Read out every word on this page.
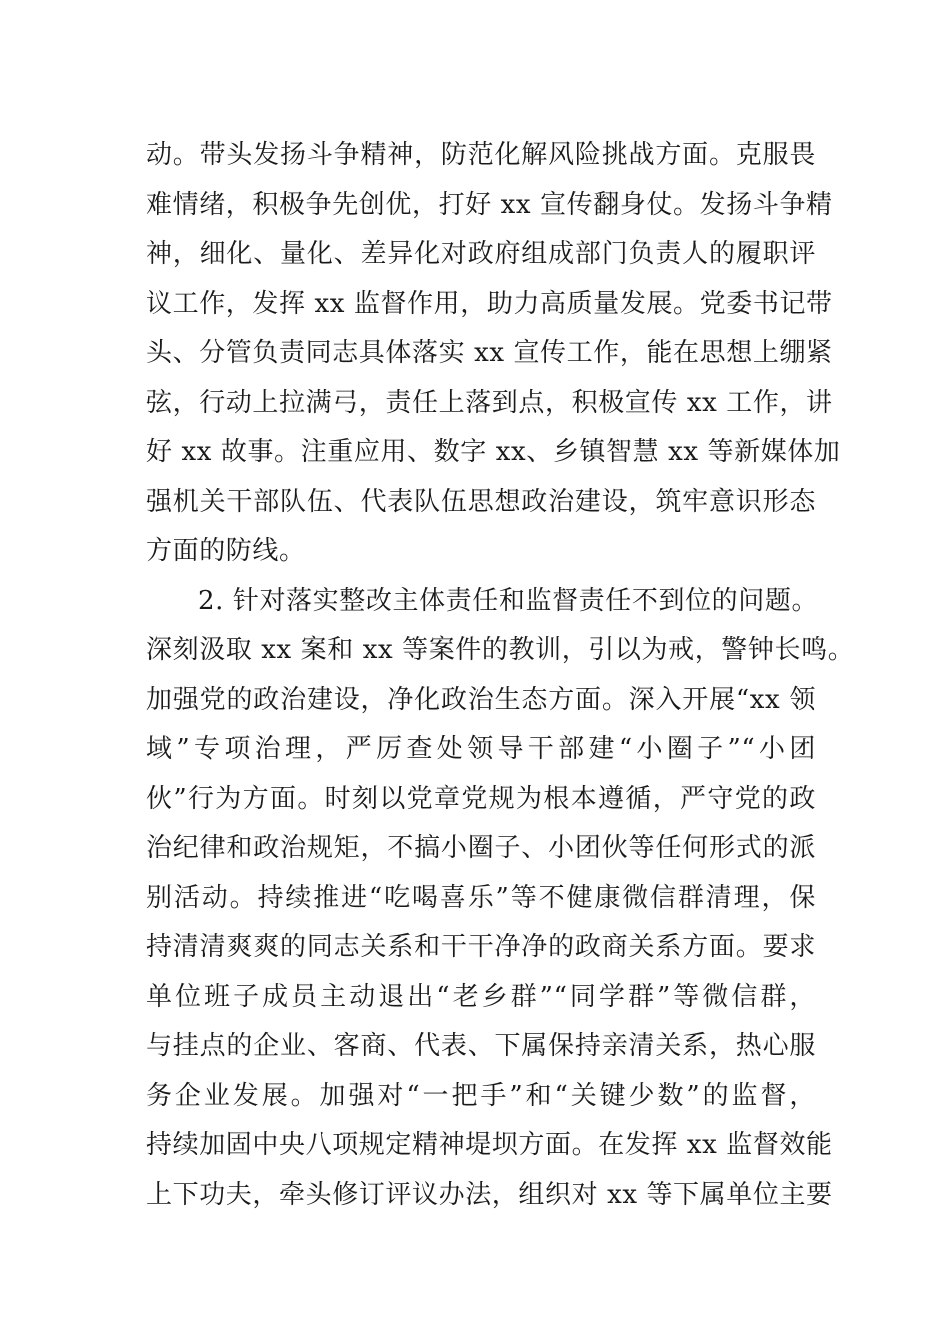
动。带头发扬斗争精神，防范化解风险挑战方面。克服畏
难情绪，积极争先创优，打好 xx 宣传翻身仗。发扬斗争精
神，细化、量化、差异化对政府组成部门负责人的履职评
议工作，发挥 xx 监督作用，助力高质量发展。党委书记带
头、分管负责同志具体落实 xx 宣传工作，能在思想上绷紧
弦，行动上拉满弓，责任上落到点，积极宣传 xx 工作，讲
好 xx 故事。注重应用、数字 xx、乡镇智慧 xx 等新媒体加
强机关干部队伍、代表队伍思想政治建设，筑牢意识形态
方面的防线。
2. 针对落实整改主体责任和监督责任不到位的问题。
深刻汲取 xx 案和 xx 等案件的教训，引以为戒，警钟长鸣。
加强党的政治建设，净化政治生态方面。深入开展“xx 领
域”专项治理，严厉查处领导干部建“小圈子”“小团
伙”行为方面。时刻以党章党规为根本遵循，严守党的政
治纪律和政治规矩，不搞小圈子、小团伙等任何形式的派
别活动。持续推进“吃喝喜乐”等不健康微信群清理，保
持清清爽爽的同志关系和干干净净的政商关系方面。要求
单位班子成员主动退出“老乡群”“同学群”等微信群，
与挂点的企业、客商、代表、下属保持亲清关系，热心服
务企业发展。加强对“一把手”和“关键少数”的监督，
持续加固中央八项规定精神堤坝方面。在发挥 xx 监督效能
上下功夫，牵头修订评议办法，组织对 xx 等下属单位主要
